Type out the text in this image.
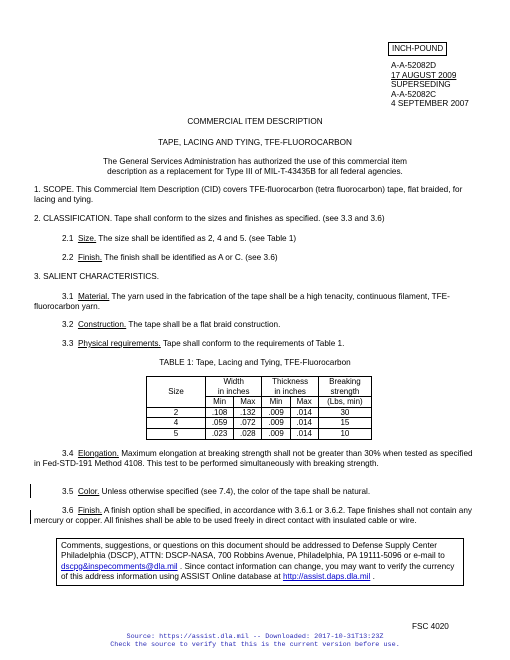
INCH-POUND
A-A-52082D
17 AUGUST 2009
SUPERSEDING
A-A-52082C
4 SEPTEMBER 2007
COMMERCIAL ITEM DESCRIPTION
TAPE, LACING AND TYING, TFE-FLUOROCARBON
The General Services Administration has authorized the use of this commercial item
description as a replacement for Type III of MIL-T-43435B for all federal agencies.

1. SCOPE. This Commercial Item Description (CID) covers TFE-fluorocarbon (tetra fluorocarbon) tape, flat braided, for lacing and tying.

2. CLASSIFICATION. Tape shall conform to the sizes and finishes as specified. (see 3.3 and 3.6)

2.1 Size. The size shall be identified as 2, 4 and 5. (see Table 1)

2.2 Finish. The finish shall be identified as A or C. (see 3.6)

3. SALIENT CHARACTERISTICS.

3.1 Material. The yarn used in the fabrication of the tape shall be a high tenacity, continuous filament, TFE-fluorocarbon yarn.

3.2 Construction. The tape shall be a flat braid construction.

3.3 Physical requirements. Tape shall conform to the requirements of Table 1.

TABLE 1: Tape, Lacing and Tying, TFE-Fluorocarbon
Size	Width		Thickness		Breaking
	in inches		in inches		strength
	Min	Max	Min	Max	(Lbs, min)
2	.108	.132	.009	.014	30
4	.059	.072	.009	.014	15
5	.023	.028	.009	.014	10

3.4 Elongation. Maximum elongation at breaking strength shall not be greater than 30% when tested as specified in Fed-STD-191 Method 4108. This test to be performed simultaneously with breaking strength.

3.5 Color. Unless otherwise specified (see 7.4), the color of the tape shall be natural.

3.6 Finish. A finish option shall be specified, in accordance with 3.6.1 or 3.6.2. Tape finishes shall not contain any mercury or copper. All finishes shall be able to be used freely in direct contact with insulated cable or wire.

Comments, suggestions, or questions on this document should be addressed to Defense Supply Center Philadelphia (DSCP), ATTN: DSCP-NASA, 700 Robbins Avenue, Philadelphia, PA 19111-5096 or e-mail to dscpg&inspecomments@dla.mil . Since contact information can change, you may want to verify the currency of this address information using ASSIST Online database at http://assist.daps.dla.mil .
FSC 4020
Source: https://assist.dla.mil -- Downloaded: 2017-10-31T13:23Z
Check the source to verify that this is the current version before use.
